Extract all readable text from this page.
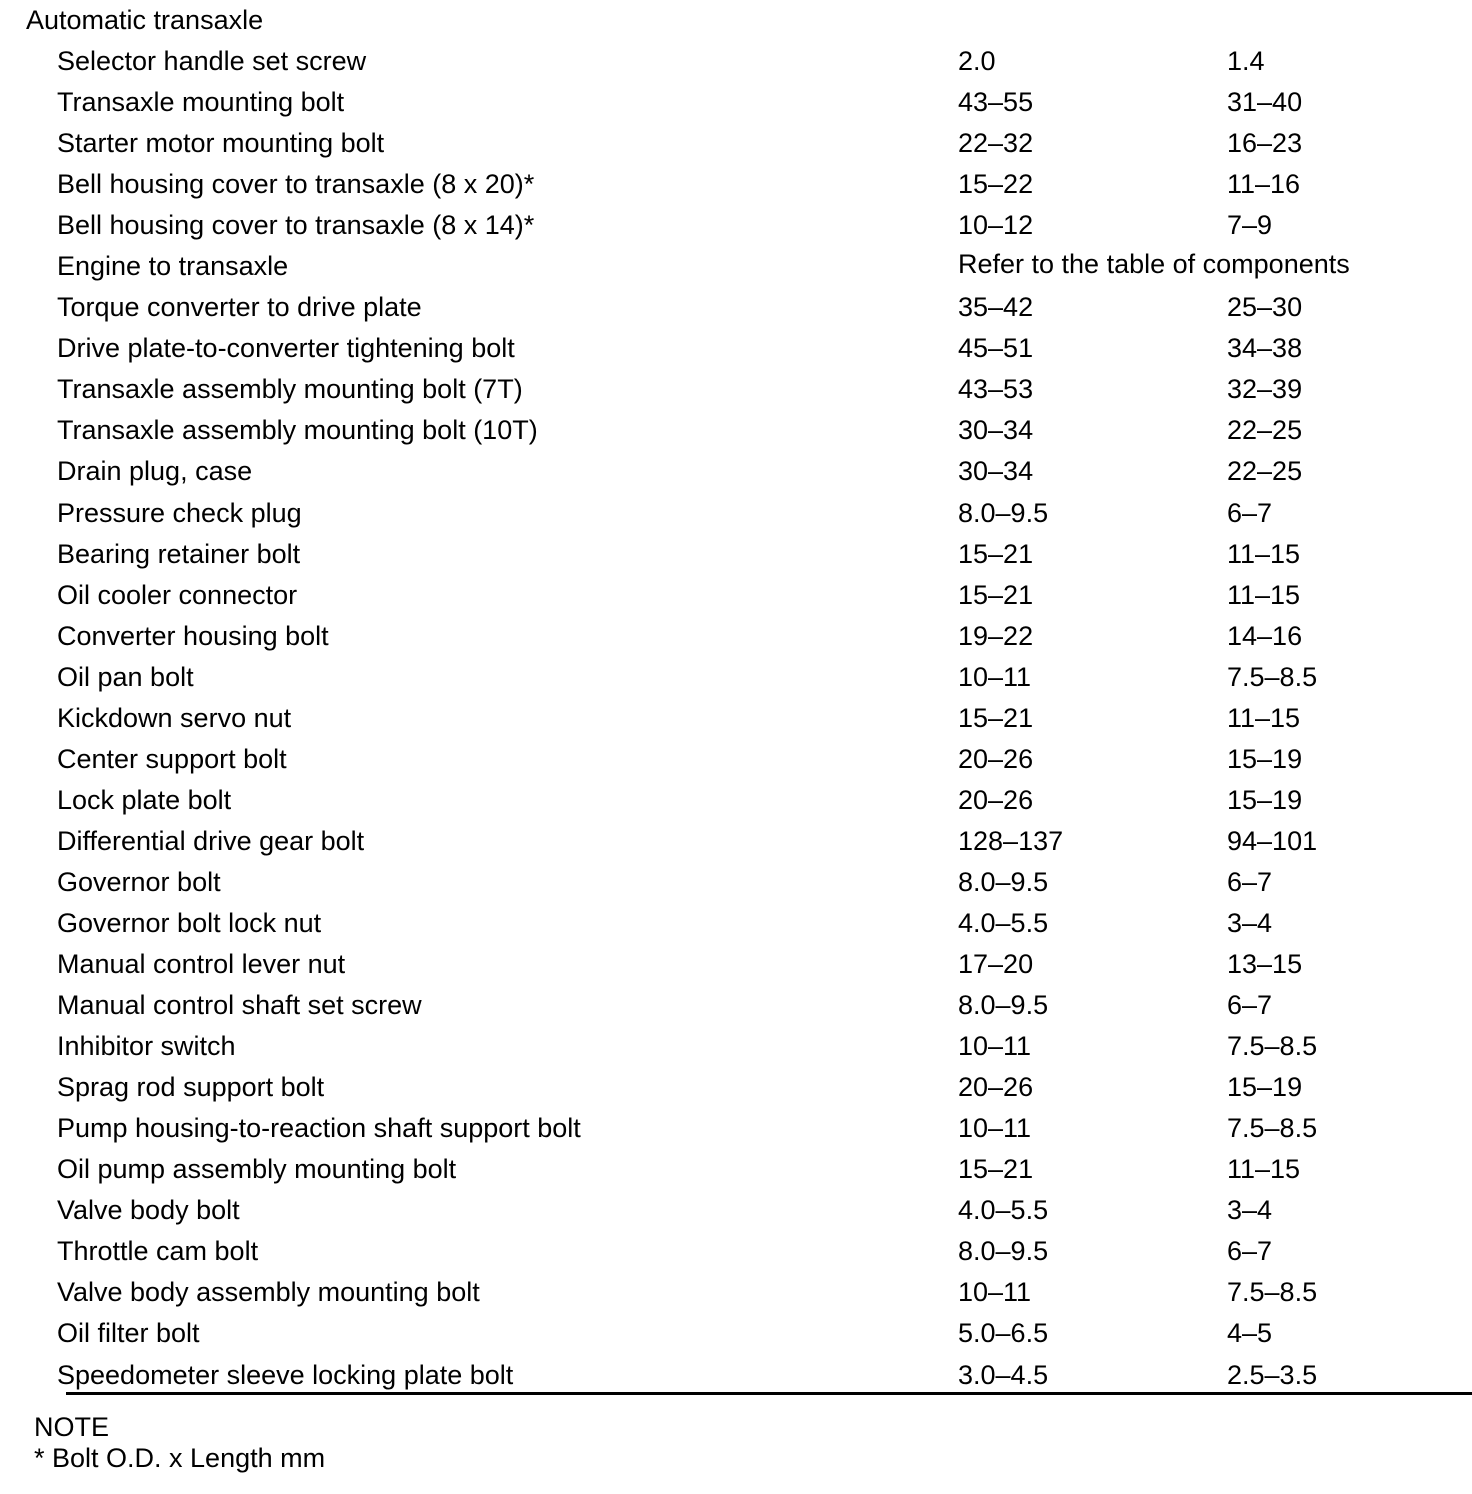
Automatic transaxle
Selector handle set screw	2.0	1.4
Transaxle mounting bolt	43–55	31–40
Starter motor mounting bolt	22–32	16–23
Bell housing cover to transaxle (8 x 20)*	15–22	11–16
Bell housing cover to transaxle (8 x 14)*	10–12	7–9
Engine to transaxle	Refer to the table of components
Torque converter to drive plate	35–42	25–30
Drive plate-to-converter tightening bolt	45–51	34–38
Transaxle assembly mounting bolt (7T)	43–53	32–39
Transaxle assembly mounting bolt (10T)	30–34	22–25
Drain plug, case	30–34	22–25
Pressure check plug	8.0–9.5	6–7
Bearing retainer bolt	15–21	11–15
Oil cooler connector	15–21	11–15
Converter housing bolt	19–22	14–16
Oil pan bolt	10–11	7.5–8.5
Kickdown servo nut	15–21	11–15
Center support bolt	20–26	15–19
Lock plate bolt	20–26	15–19
Differential drive gear bolt	128–137	94–101
Governor bolt	8.0–9.5	6–7
Governor bolt lock nut	4.0–5.5	3–4
Manual control lever nut	17–20	13–15
Manual control shaft set screw	8.0–9.5	6–7
Inhibitor switch	10–11	7.5–8.5
Sprag rod support bolt	20–26	15–19
Pump housing-to-reaction shaft support bolt	10–11	7.5–8.5
Oil pump assembly mounting bolt	15–21	11–15
Valve body bolt	4.0–5.5	3–4
Throttle cam bolt	8.0–9.5	6–7
Valve body assembly mounting bolt	10–11	7.5–8.5
Oil filter bolt	5.0–6.5	4–5
Speedometer sleeve locking plate bolt	3.0–4.5	2.5–3.5
NOTE
* Bolt O.D. x Length mm
